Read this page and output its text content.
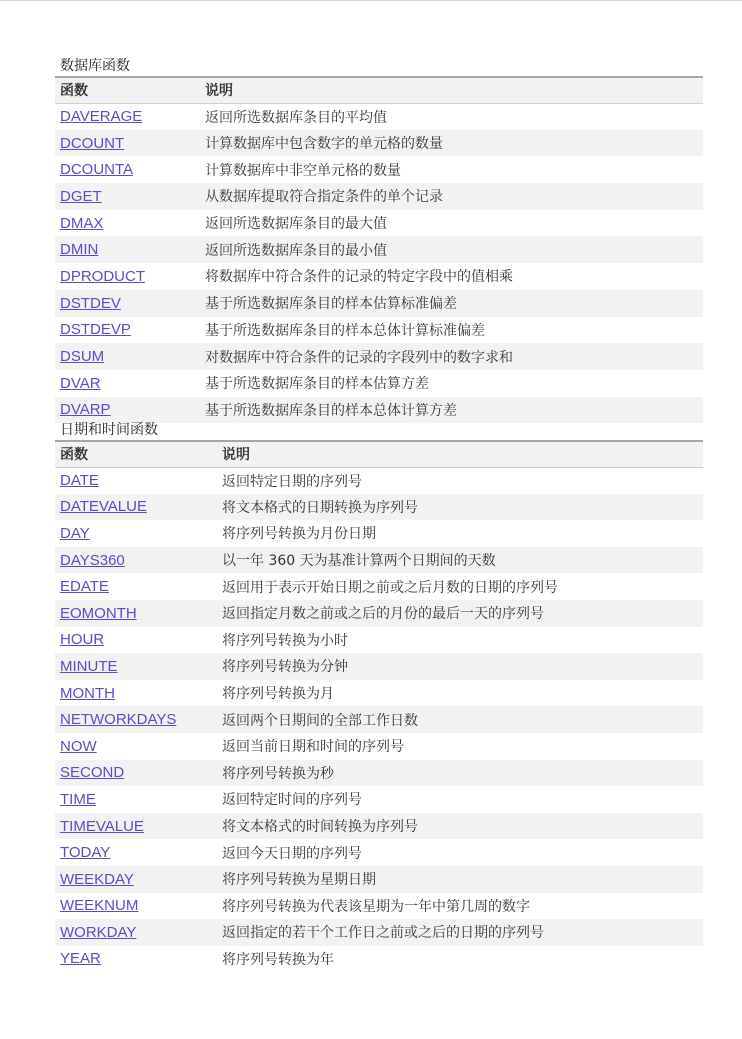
数据库函数
函数	说明
DAVERAGE	返回所选数据库条目的平均值
DCOUNT	计算数据库中包含数字的单元格的数量
DCOUNTA	计算数据库中非空单元格的数量
DGET	从数据库提取符合指定条件的单个记录
DMAX	返回所选数据库条目的最大值
DMIN	返回所选数据库条目的最小值
DPRODUCT	将数据库中符合条件的记录的特定字段中的值相乘
DSTDEV	基于所选数据库条目的样本估算标准偏差
DSTDEVP	基于所选数据库条目的样本总体计算标准偏差
DSUM	对数据库中符合条件的记录的字段列中的数字求和
DVAR	基于所选数据库条目的样本估算方差
DVARP	基于所选数据库条目的样本总体计算方差
日期和时间函数
函数	说明
DATE	返回特定日期的序列号
DATEVALUE	将文本格式的日期转换为序列号
DAY	将序列号转换为月份日期
DAYS360	以一年 360 天为基准计算两个日期间的天数
EDATE	返回用于表示开始日期之前或之后月数的日期的序列号
EOMONTH	返回指定月数之前或之后的月份的最后一天的序列号
HOUR	将序列号转换为小时
MINUTE	将序列号转换为分钟
MONTH	将序列号转换为月
NETWORKDAYS	返回两个日期间的全部工作日数
NOW	返回当前日期和时间的序列号
SECOND	将序列号转换为秒
TIME	返回特定时间的序列号
TIMEVALUE	将文本格式的时间转换为序列号
TODAY	返回今天日期的序列号
WEEKDAY	将序列号转换为星期日期
WEEKNUM	将序列号转换为代表该星期为一年中第几周的数字
WORKDAY	返回指定的若干个工作日之前或之后的日期的序列号
YEAR	将序列号转换为年
